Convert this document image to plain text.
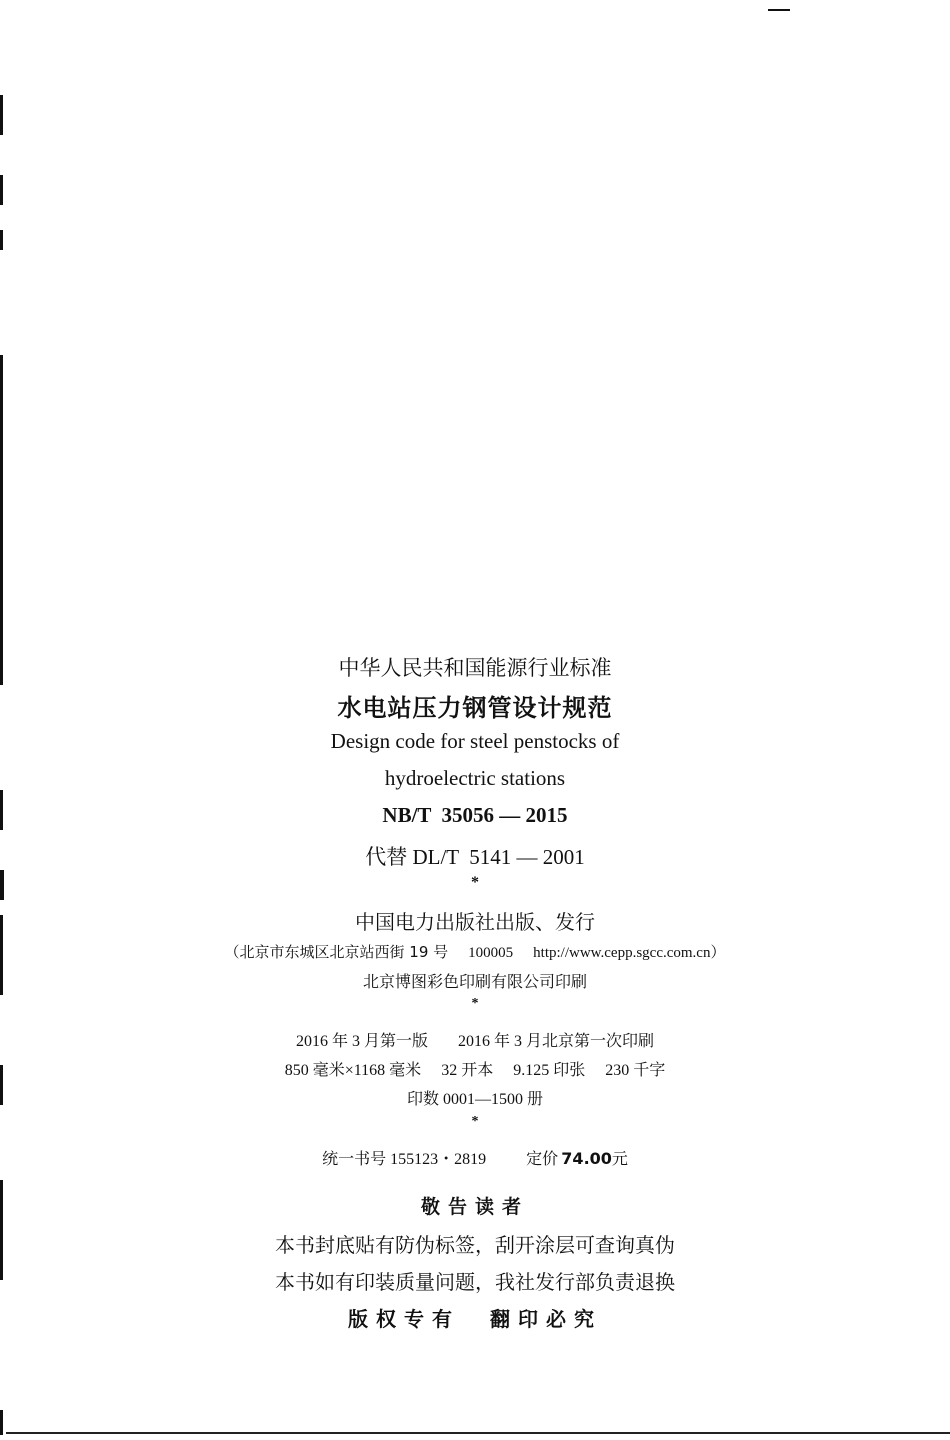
中华人民共和国能源行业标准
水电站压力钢管设计规范
Design code for steel penstocks of
hydroelectric stations
NB/T  35056 — 2015
代替 DL/T  5141 — 2001
*
中国电力出版社出版、发行
（北京市东城区北京站西街 19 号 100005 http://www.cepp.sgcc.com.cn）
北京博图彩色印刷有限公司印刷
*
2016 年 3 月第一版 2016 年 3 月北京第一次印刷
850 毫米×1168 毫米 32 开本 9.125 印张 230 千字
印数 0001—1500 册
*
统一书号 155123・2819	定价  74.00元
敬告读者
本书封底贴有防伪标签，刮开涂层可查询真伪
本书如有印装质量问题，我社发行部负责退换
版权专有 翻印必究
